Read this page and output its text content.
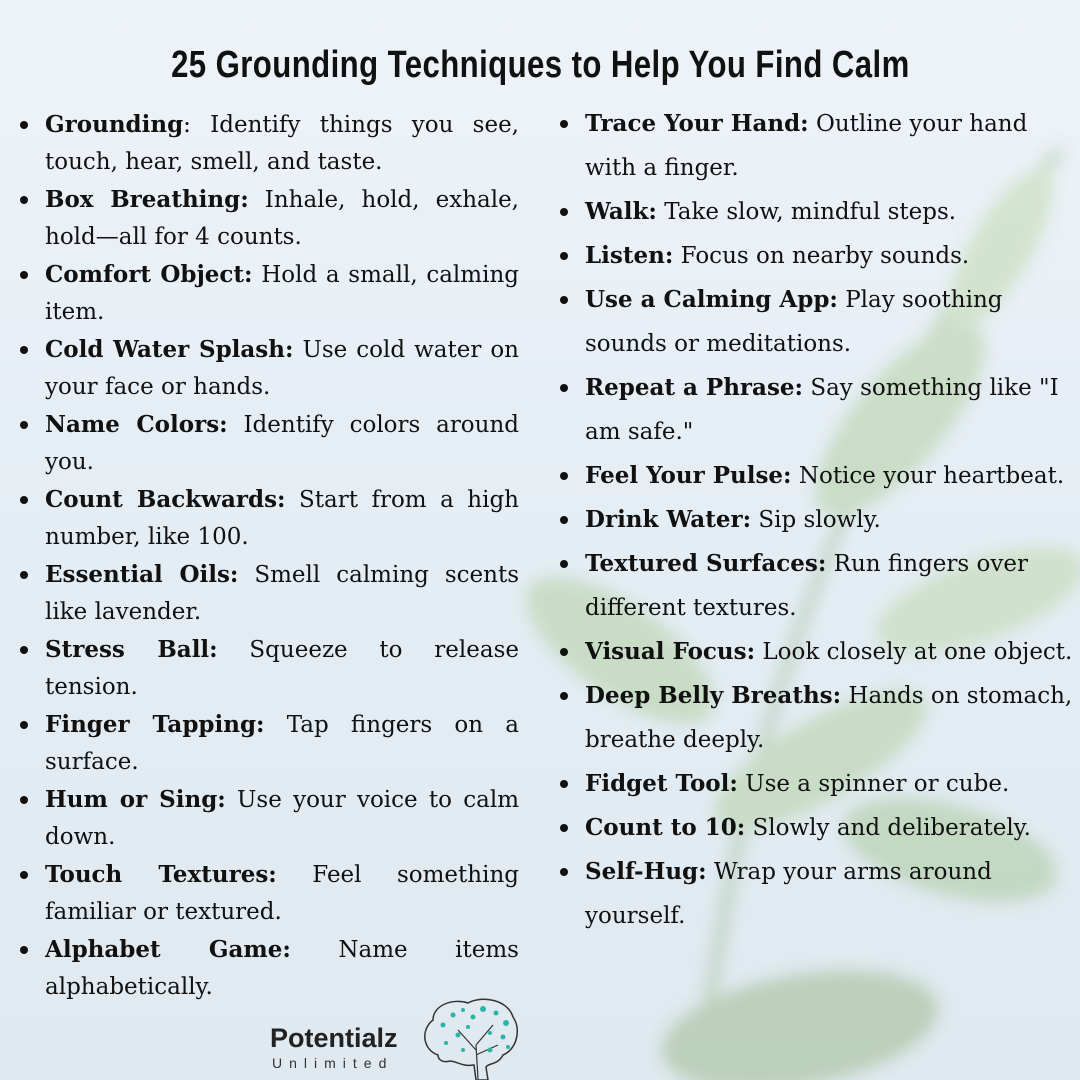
25 Grounding Techniques to Help You Find Calm
Grounding: Identify things you see, touch, hear, smell, and taste.
Box Breathing: Inhale, hold, exhale, hold—all for 4 counts.
Comfort Object: Hold a small, calming item.
Cold Water Splash: Use cold water on your face or hands.
Name Colors: Identify colors around you.
Count Backwards: Start from a high number, like 100.
Essential Oils: Smell calming scents like lavender.
Stress Ball: Squeeze to release tension.
Finger Tapping: Tap fingers on a surface.
Hum or Sing: Use your voice to calm down.
Touch Textures: Feel something familiar or textured.
Alphabet Game: Name items alphabetically.
Trace Your Hand: Outline your hand with a finger.
Walk: Take slow, mindful steps.
Listen: Focus on nearby sounds.
Use a Calming App: Play soothing sounds or meditations.
Repeat a Phrase: Say something like "I am safe."
Feel Your Pulse: Notice your heartbeat.
Drink Water: Sip slowly.
Textured Surfaces: Run fingers over different textures.
Visual Focus: Look closely at one object.
Deep Belly Breaths: Hands on stomach, breathe deeply.
Fidget Tool: Use a spinner or cube.
Count to 10: Slowly and deliberately.
Self-Hug: Wrap your arms around yourself.
Potentialz
Unlimited
